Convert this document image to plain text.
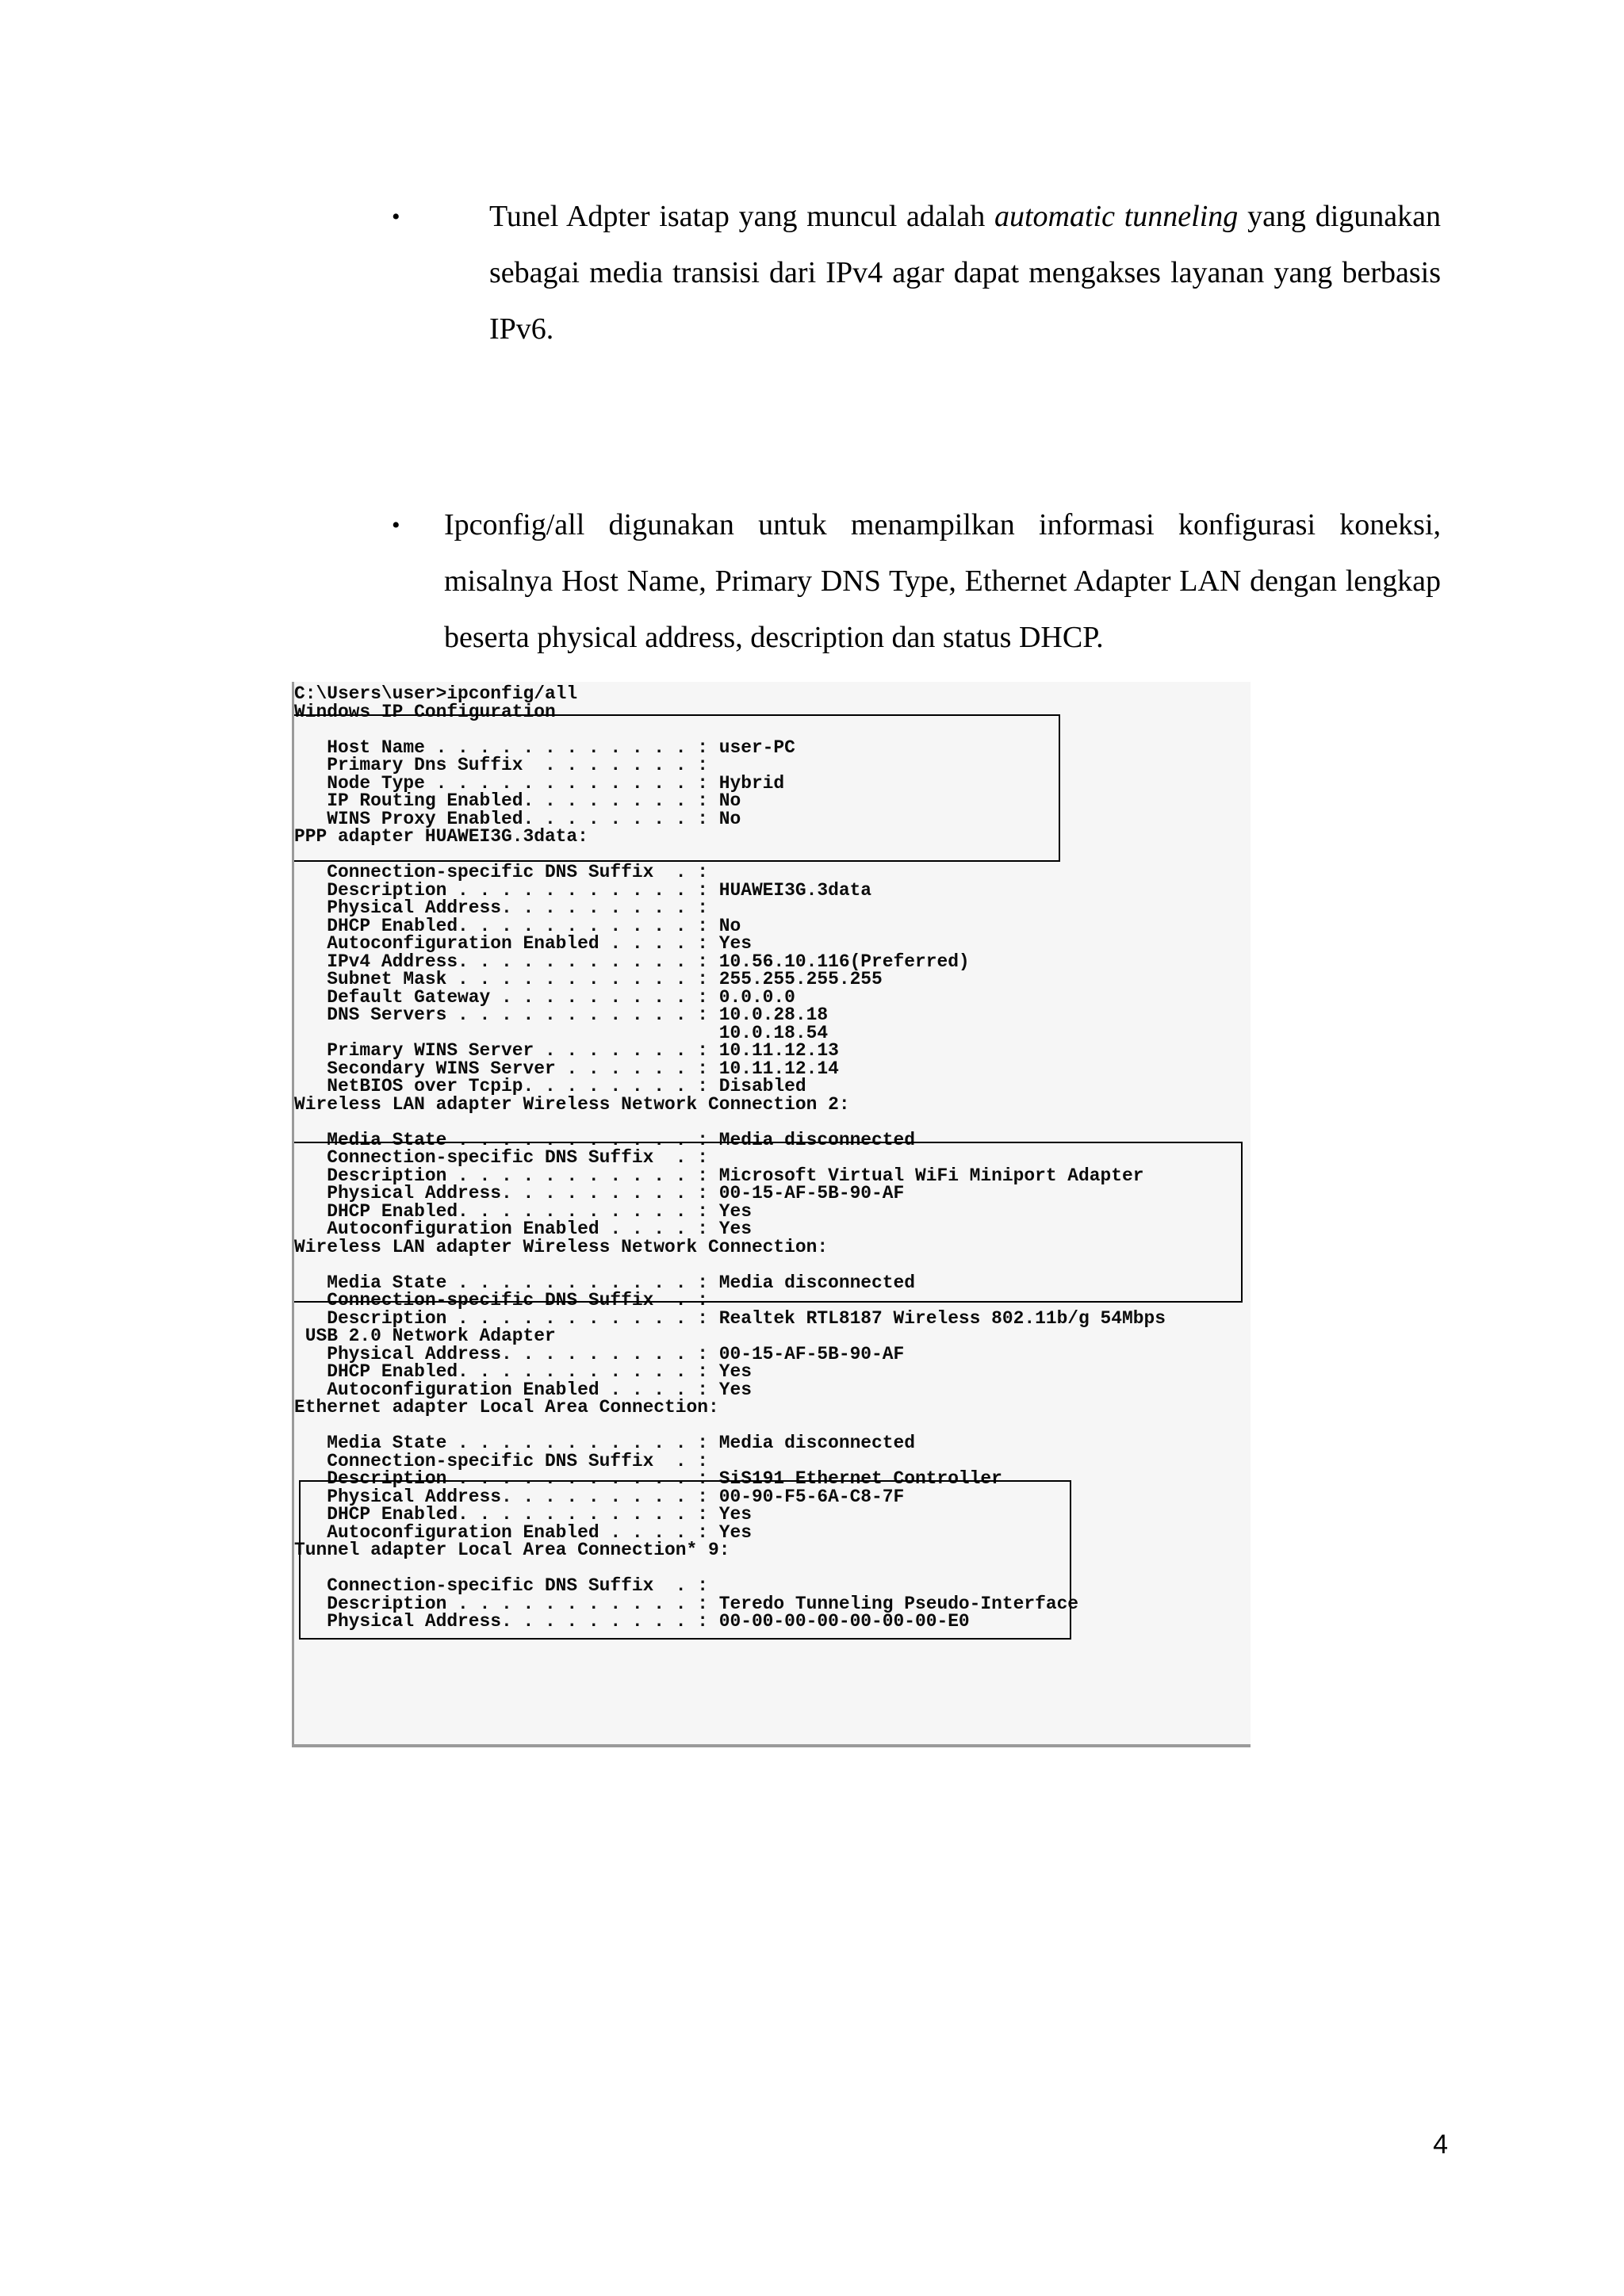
•	Tunel Adpter isatap yang muncul adalah automatic tunneling yang digunakan sebagai media transisi dari IPv4 agar dapat mengakses layanan yang berbasis IPv6.
• Ipconfig/all digunakan untuk menampilkan informasi konfigurasi koneksi, misalnya Host Name, Primary DNS Type, Ethernet Adapter LAN dengan lengkap beserta physical address, description dan status DHCP.
C:\Users\user>ipconfig/all
Windows IP Configuration
Host Name . . . . . . . . . . . . : user-PC
Primary Dns Suffix  . . . . . . . :
Node Type . . . . . . . . . . . . : Hybrid
IP Routing Enabled. . . . . . . . : No
WINS Proxy Enabled. . . . . . . . : No
PPP adapter HUAWEI3G.3data:
Connection-specific DNS Suffix  . :
Description . . . . . . . . . . . : HUAWEI3G.3data
Physical Address. . . . . . . . . :
DHCP Enabled. . . . . . . . . . . : No
Autoconfiguration Enabled . . . . : Yes
IPv4 Address. . . . . . . . . . . : 10.56.10.116(Preferred)
Subnet Mask . . . . . . . . . . . : 255.255.255.255
Default Gateway . . . . . . . . . : 0.0.0.0
DNS Servers . . . . . . . . . . . : 10.0.28.18
10.0.18.54
Primary WINS Server . . . . . . . : 10.11.12.13
Secondary WINS Server . . . . . . : 10.11.12.14
NetBIOS over Tcpip. . . . . . . . : Disabled
Wireless LAN adapter Wireless Network Connection 2:
Media State . . . . . . . . . . . : Media disconnected
Connection-specific DNS Suffix  . :
Description . . . . . . . . . . . : Microsoft Virtual WiFi Miniport Adapter
Physical Address. . . . . . . . . : 00-15-AF-5B-90-AF
DHCP Enabled. . . . . . . . . . . : Yes
Autoconfiguration Enabled . . . . : Yes
Wireless LAN adapter Wireless Network Connection:
Media State . . . . . . . . . . . : Media disconnected
Connection-specific DNS Suffix  . :
Description . . . . . . . . . . . : Realtek RTL8187 Wireless 802.11b/g 54Mbps
USB 2.0 Network Adapter
Physical Address. . . . . . . . . : 00-15-AF-5B-90-AF
DHCP Enabled. . . . . . . . . . . : Yes
Autoconfiguration Enabled . . . . : Yes
Ethernet adapter Local Area Connection:
Media State . . . . . . . . . . . : Media disconnected
Connection-specific DNS Suffix  . :
Description . . . . . . . . . . . : SiS191 Ethernet Controller
Physical Address. . . . . . . . . : 00-90-F5-6A-C8-7F
DHCP Enabled. . . . . . . . . . . : Yes
Autoconfiguration Enabled . . . . : Yes
Tunnel adapter Local Area Connection* 9:
Connection-specific DNS Suffix  . :
Description . . . . . . . . . . . : Teredo Tunneling Pseudo-Interface
Physical Address. . . . . . . . . : 00-00-00-00-00-00-00-E0
4
